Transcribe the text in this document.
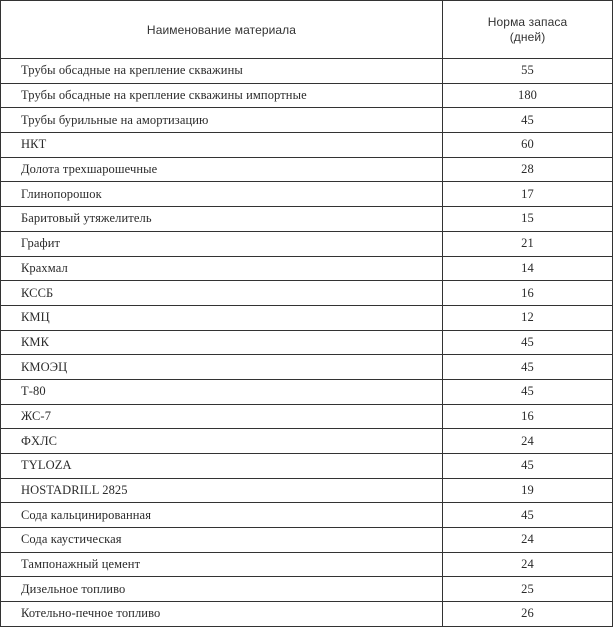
Наименование материала	Норма запаса
(дней)

Трубы обсадные на крепление скважины	55
Трубы обсадные на крепление скважины импортные	180
Трубы бурильные на амортизацию	45
НКТ	60
Долота трехшарошечные	28
Глинопорошок	17
Баритовый утяжелитель	15
Графит	21
Крахмал	14
КССБ	16
КМЦ	12
КМК	45
КМОЭЦ	45
Т-80	45
ЖС-7	16
ФХЛС	24
TYLOZA	45
HOSTADRILL 2825	19
Сода кальцинированная	45
Сода каустическая	24
Тампонажный цемент	24
Дизельное топливо	25
Котельно-печное топливо	26
